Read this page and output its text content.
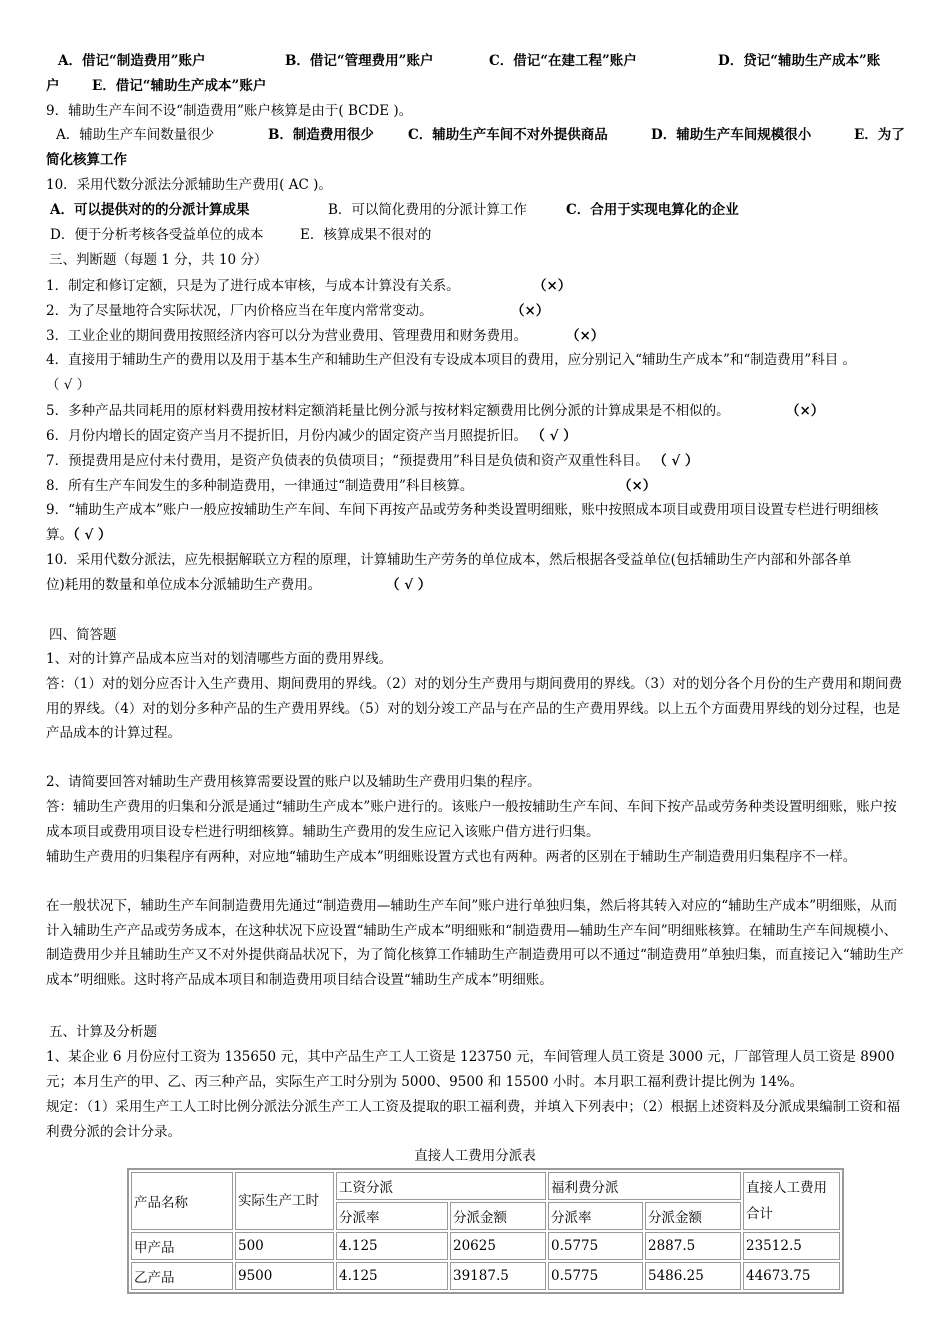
A．借记“制造费用”账户	B．借记“管理费用”账户	C．借记“在建工程”账户	D．贷记“辅助生产成本”账
户 E．借记“辅助生产成本”账户
9．辅助生产车间不设“制造费用”账户核算是由于( BCDE )。
A．辅助生产车间数量很少	B．制造费用很少	C．辅助生产车间不对外提供商品	D．辅助生产车间规模很小	E．为了
简化核算工作
10．采用代数分派法分派辅助生产费用( AC )。
A．可以提供对的的分派计算成果	B．可以简化费用的分派计算工作	C．合用于实现电算化的企业
D．便于分析考核各受益单位的成本	E．核算成果不很对的
三、判断题（每题 1 分，共 10 分）
1．制定和修订定额，只是为了进行成本审核，与成本计算没有关系。	（×）
2．为了尽量地符合实际状况，厂内价格应当在年度内常常变动。	（×）
3．工业企业的期间费用按照经济内容可以分为营业费用、管理费用和财务费用。	（×）
4．直接用于辅助生产的费用以及用于基本生产和辅助生产但没有专设成本项目的费用，应分别记入“辅助生产成本”和“制造费用”科目 。
（ √ ）
5．多种产品共同耗用的原材料费用按材料定额消耗量比例分派与按材料定额费用比例分派的计算成果是不相似的。	（×）
6．月份内增长的固定资产当月不提折旧，月份内减少的固定资产当月照提折旧。 （ √ ）
7．预提费用是应付未付费用，是资产负债表的负债项目；“预提费用”科目是负债和资产双重性科目。 （ √ ）
8．所有生产车间发生的多种制造费用，一律通过“制造费用”科目核算。	（×）
9．“辅助生产成本”账户一般应按辅助生产车间、车间下再按产品或劳务种类设置明细账，账中按照成本项目或费用项目设置专栏进行明细核
算。（ √ ）
10．采用代数分派法，应先根据解联立方程的原理，计算辅助生产劳务的单位成本，然后根据各受益单位(包括辅助生产内部和外部各单
位)耗用的数量和单位成本分派辅助生产费用。	（ √ ）
四、简答题
1、对的计算产品成本应当对的划清哪些方面的费用界线。
答：（1）对的划分应否计入生产费用、期间费用的界线。（2）对的划分生产费用与期间费用的界线。（3）对的划分各个月份的生产费用和期间费用的界线。（4）对的划分多种产品的生产费用界线。（5）对的划分竣工产品与在产品的生产费用界线。以上五个方面费用界线的划分过程，也是产品成本的计算过程。
2、请简要回答对辅助生产费用核算需要设置的账户以及辅助生产费用归集的程序。
答：辅助生产费用的归集和分派是通过“辅助生产成本”账户进行的。该账户一般按辅助生产车间、车间下按产品或劳务种类设置明细账，账户按成本项目或费用项目设专栏进行明细核算。辅助生产费用的发生应记入该账户借方进行归集。
辅助生产费用的归集程序有两种，对应地“辅助生产成本”明细账设置方式也有两种。两者的区别在于辅助生产制造费用归集程序不一样。
在一般状况下，辅助生产车间制造费用先通过“制造费用—辅助生产车间”账户进行单独归集，然后将其转入对应的“辅助生产成本”明细账，从而计入辅助生产产品或劳务成本，在这种状况下应设置“辅助生产成本”明细账和“制造费用—辅助生产车间”明细账核算。在辅助生产车间规模小、制造费用少并且辅助生产又不对外提供商品状况下，为了简化核算工作辅助生产制造费用可以不通过“制造费用”单独归集，而直接记入“辅助生产成本”明细账。这时将产品成本项目和制造费用项目结合设置“辅助生产成本”明细账。
五、计算及分析题
1、某企业 6 月份应付工资为 135650 元，其中产品生产工人工资是 123750 元，车间管理人员工资是 3000 元，厂部管理人员工资是 8900 元；本月生产的甲、乙、丙三种产品，实际生产工时分别为 5000、9500 和 15500 小时。本月职工福利费计提比例为 14%。
规定：（1）采用生产工人工时比例分派法分派生产工人工资及提取的职工福利费，并填入下列表中；（2）根据上述资料及分派成果编制工资和福利费分派的会计分录。
直接人工费用分派表
产品名称	实际生产工时	工资分派		福利费分派		直接人工费用合计
		分派率	分派金额	分派率	分派金额	
甲产品	500	4.125	20625	0.5775	2887.5	23512.5
乙产品	9500	4.125	39187.5	0.5775	5486.25	44673.75
